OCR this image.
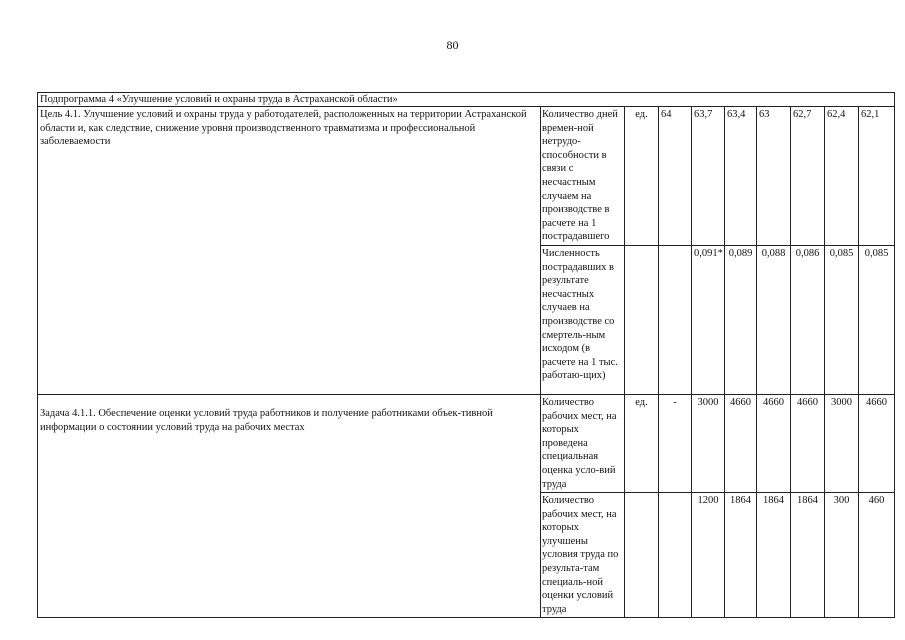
80
Подпрограмма 4 «Улучшение условий и охраны труда в Астраханской области»										
Цель 4.1. Улучшение условий и охраны труда у работодателей, расположенных на территории Астраханской области и, как следствие, снижение уровня производственного травматизма и профессиональной заболеваемости	Количество дней времен-ной нетрудо-способности в связи с несчастным случаем на производстве в расчете на 1 пострадавшего	ед.	64	63,7	63,4	63	62,7	62,4	62,1	
	Численность пострадавших в результате несчастных случаев на производстве со смертель-ным исходом (в расчете на 1 тыс. работаю-щих)			0,091*	0,089	0,088	0,086	0,085	0,085	
Задача 4.1.1. Обеспечение оценки условий труда работников и получение работниками объек-тивной информации о состоянии условий труда на рабочих местах	Количество рабочих мест, на которых проведена специальная оценка усло-вий труда	ед.	-	3000	4660	4660	4660	3000	4660	
	Количество рабочих мест, на которых улучшены условия труда по результа-там специаль-ной оценки условий труда			1200	1864	1864	1864	300	460	
